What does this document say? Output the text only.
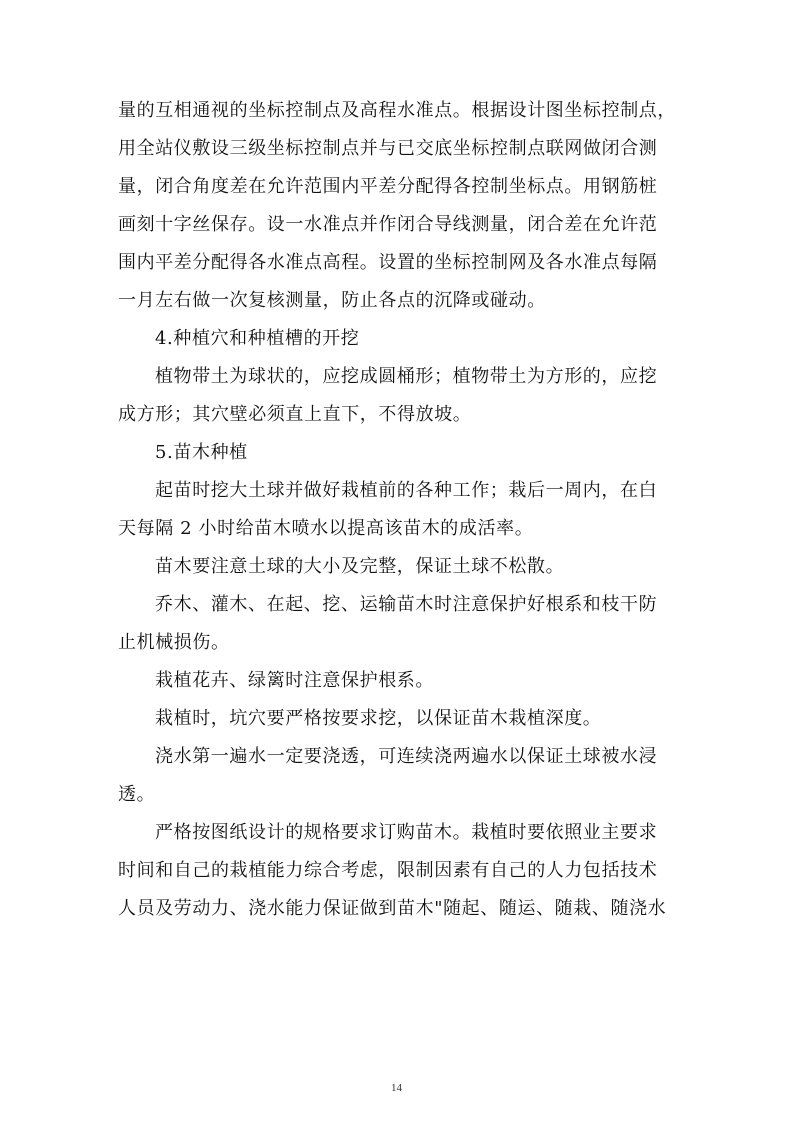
量的互相通视的坐标控制点及高程水准点。根据设计图坐标控制点，
用全站仪敷设三级坐标控制点并与已交底坐标控制点联网做闭合测
量，闭合角度差在允许范围内平差分配得各控制坐标点。用钢筋桩
画刻十字丝保存。设一水准点并作闭合导线测量，闭合差在允许范
围内平差分配得各水准点高程。设置的坐标控制网及各水准点每隔
一月左右做一次复核测量，防止各点的沉降或碰动。
4.种植穴和种植槽的开挖
植物带土为球状的，应挖成圆桶形；植物带土为方形的，应挖
成方形；其穴壁必须直上直下，不得放坡。
5.苗木种植
起苗时挖大土球并做好栽植前的各种工作；栽后一周内，在白
天每隔 2 小时给苗木喷水以提高该苗木的成活率。
苗木要注意土球的大小及完整，保证土球不松散。
乔木、灌木、在起、挖、运输苗木时注意保护好根系和枝干防
止机械损伤。
栽植花卉、绿篱时注意保护根系。
栽植时，坑穴要严格按要求挖，以保证苗木栽植深度。
浇水第一遍水一定要浇透，可连续浇两遍水以保证土球被水浸
透。
严格按图纸设计的规格要求订购苗木。栽植时要依照业主要求
时间和自己的栽植能力综合考虑，限制因素有自己的人力包括技术
人员及劳动力、浇水能力保证做到苗木"随起、随运、随栽、随浇水
14
